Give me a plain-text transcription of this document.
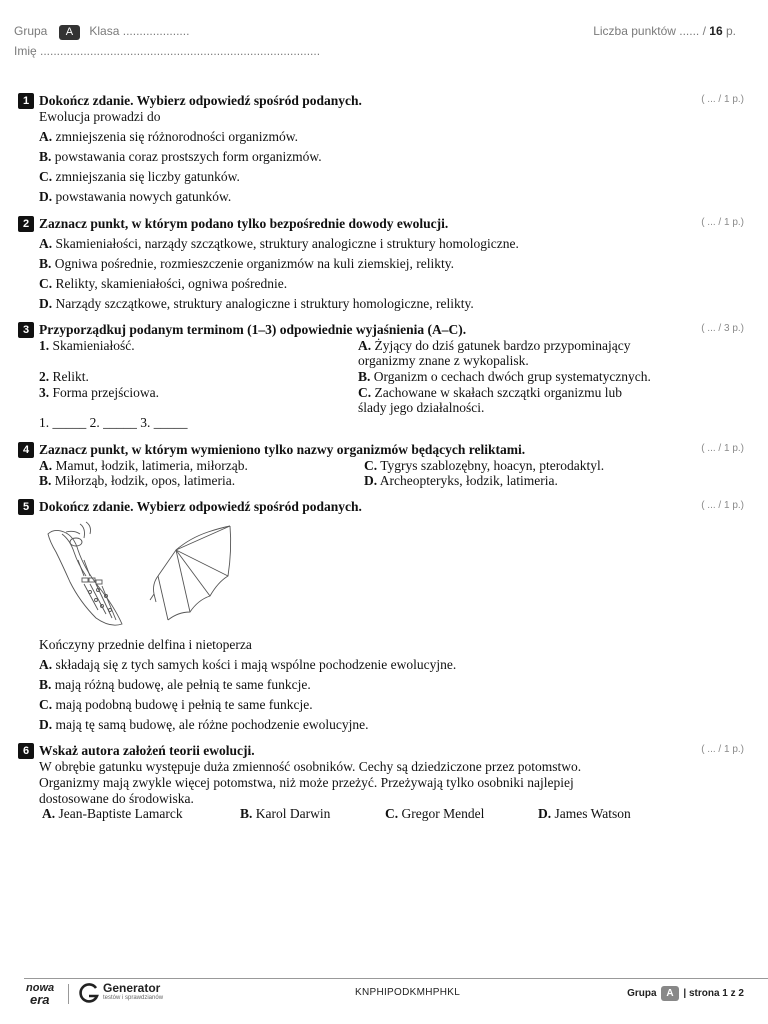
Grupa A Klasa ....................
Imię ....................................................................................
Liczba punktów ...... / 16 p.
1 Dokończ zdanie. Wybierz odpowiedź spośród podanych.	( ... / 1 p.)
Ewolucja prowadzi do
A. zmniejszenia się różnorodności organizmów.
B. powstawania coraz prostszych form organizmów.
C. zmniejszania się liczby gatunków.
D. powstawania nowych gatunków.
2 Zaznacz punkt, w którym podano tylko bezpośrednie dowody ewolucji.	( ... / 1 p.)
A. Skamieniałości, narządy szczątkowe, struktury analogiczne i struktury homologiczne.
B. Ogniwa pośrednie, rozmieszczenie organizmów na kuli ziemskiej, relikty.
C. Relikty, skamieniałości, ogniwa pośrednie.
D. Narządy szczątkowe, struktury analogiczne i struktury homologiczne, relikty.
3 Przyporządkuj podanym terminom (1–3) odpowiednie wyjaśnienia (A–C).	( ... / 3 p.)
1. Skamieniałość.
2. Relikt.
3. Forma przejściowa.
A. Żyjący do dziś gatunek bardzo przypominający
organizmy znane z wykopalisk.
B. Organizm o cechach dwóch grup systematycznych.
C. Zachowane w skałach szczątki organizmu lub
ślady jego działalności.
1. _____ 2. _____ 3. _____
4 Zaznacz punkt, w którym wymieniono tylko nazwy organizmów będących reliktami.	( ... / 1 p.)
A. Mamut, łodzik, latimeria, miłorząb.	C. Tygrys szablozębny, hoacyn, pterodaktyl.
B. Miłorząb, łodzik, opos, latimeria.	D. Archeopteryks, łodzik, latimeria.
5 Dokończ zdanie. Wybierz odpowiedź spośród podanych.	( ... / 1 p.)
Kończyny przednie delfina i nietoperza
A. składają się z tych samych kości i mają wspólne pochodzenie ewolucyjne.
B. mają różną budowę, ale pełnią te same funkcje.
C. mają podobną budowę i pełnią te same funkcje.
D. mają tę samą budowę, ale różne pochodzenie ewolucyjne.
6 Wskaż autora założeń teorii ewolucji.	( ... / 1 p.)
W obrębie gatunku występuje duża zmienność osobników. Cechy są dziedziczone przez potomstwo.
Organizmy mają zwykle więcej potomstwa, niż może przeżyć. Przeżywają tylko osobniki najlepiej
dostosowane do środowiska.
A. Jean-Baptiste Lamarck	B. Karol Darwin	C. Gregor Mendel	D. James Watson
nowa
era
Generator
testów i sprawdzianów	KNPHIPODKMHPHKL	Grupa A | strona 1 z 2
